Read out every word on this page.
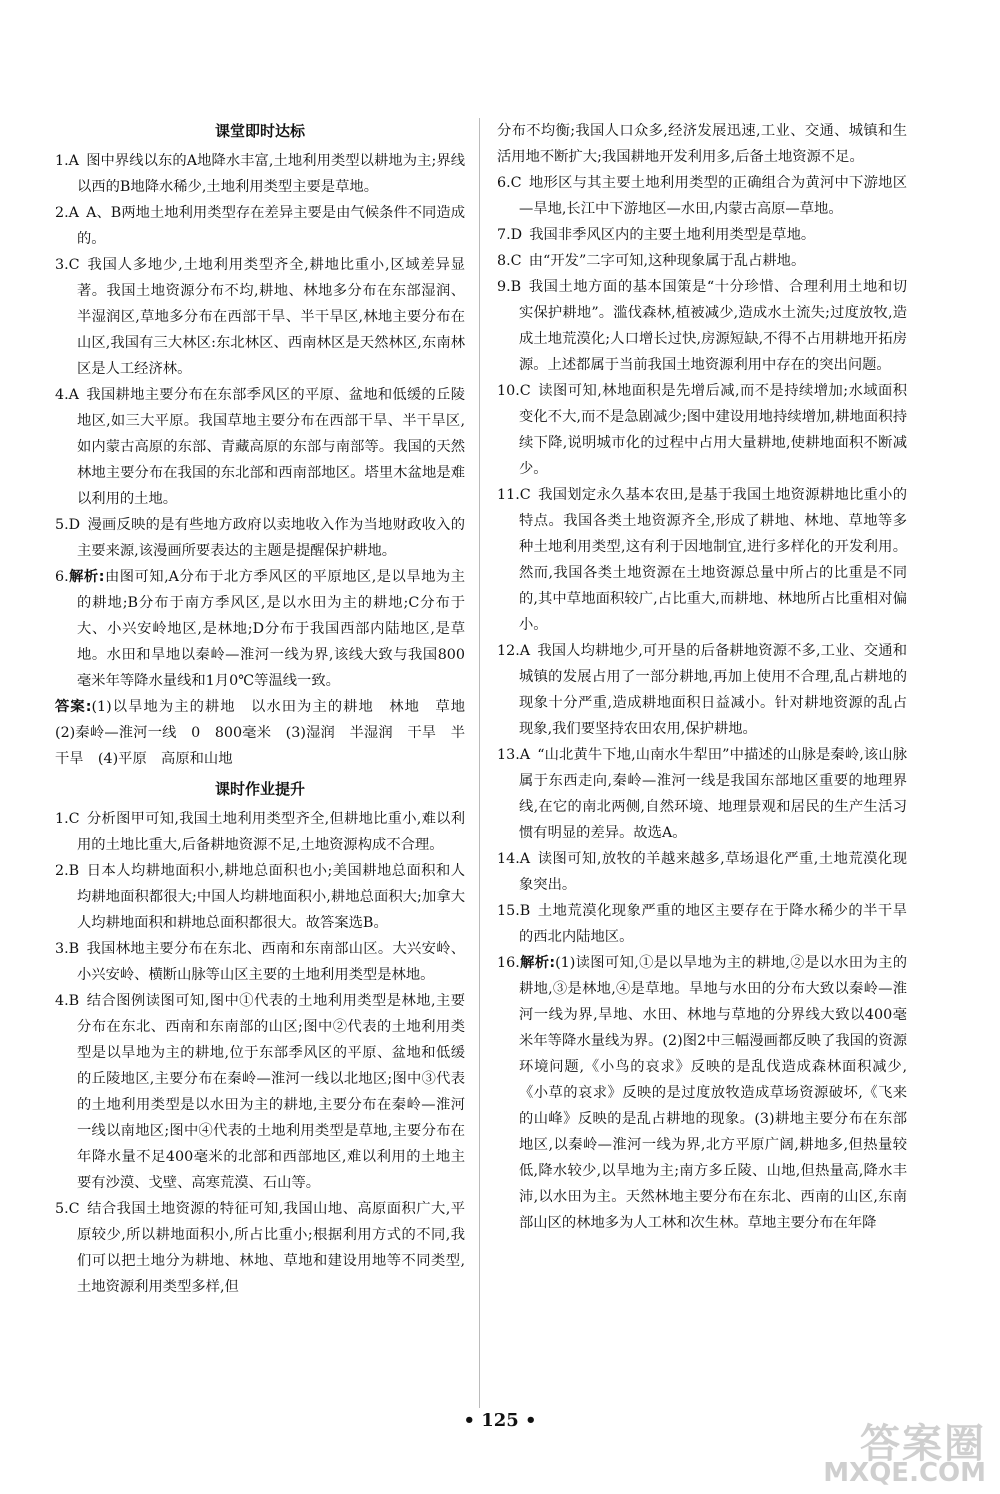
课堂即时达标
1.A  图中界线以东的A地降水丰富,土地利用类型以耕地为主;界线以西的B地降水稀少,土地利用类型主要是草地。
2.A  A、B两地土地利用类型存在差异主要是由气候条件不同造成的。
3.C  我国人多地少,土地利用类型齐全,耕地比重小,区域差异显著。我国土地资源分布不均,耕地、林地多分布在东部湿润、半湿润区,草地多分布在西部干旱、半干旱区,林地主要分布在山区,我国有三大林区:东北林区、西南林区是天然林区,东南林区是人工经济林。
4.A  我国耕地主要分布在东部季风区的平原、盆地和低缓的丘陵地区,如三大平原。我国草地主要分布在西部干旱、半干旱区,如内蒙古高原的东部、青藏高原的东部与南部等。我国的天然林地主要分布在我国的东北部和西南部地区。塔里木盆地是难以利用的土地。
5.D  漫画反映的是有些地方政府以卖地收入作为当地财政收入的主要来源,该漫画所要表达的主题是提醒保护耕地。
6.解析:由图可知,A分布于北方季风区的平原地区,是以旱地为主的耕地;B分布于南方季风区,是以水田为主的耕地;C分布于大、小兴安岭地区,是林地;D分布于我国西部内陆地区,是草地。水田和旱地以秦岭—淮河一线为界,该线大致与我国800毫米年等降水量线和1月0℃等温线一致。
答案:(1)以旱地为主的耕地　以水田为主的耕地　林地　草地　(2)秦岭—淮河一线　0　800毫米　(3)湿润　半湿润　干旱　半干旱　(4)平原　高原和山地
课时作业提升
1.C  分析图甲可知,我国土地利用类型齐全,但耕地比重小,难以利用的土地比重大,后备耕地资源不足,土地资源构成不合理。
2.B  日本人均耕地面积小,耕地总面积也小;美国耕地总面积和人均耕地面积都很大;中国人均耕地面积小,耕地总面积大;加拿大人均耕地面积和耕地总面积都很大。故答案选B。
3.B  我国林地主要分布在东北、西南和东南部山区。大兴安岭、小兴安岭、横断山脉等山区主要的土地利用类型是林地。
4.B  结合图例读图可知,图中①代表的土地利用类型是林地,主要分布在东北、西南和东南部的山区;图中②代表的土地利用类型是以旱地为主的耕地,位于东部季风区的平原、盆地和低缓的丘陵地区,主要分布在秦岭—淮河一线以北地区;图中③代表的土地利用类型是以水田为主的耕地,主要分布在秦岭—淮河一线以南地区;图中④代表的土地利用类型是草地,主要分布在年降水量不足400毫米的北部和西部地区,难以利用的土地主要有沙漠、戈壁、高寒荒漠、石山等。
5.C  结合我国土地资源的特征可知,我国山地、高原面积广大,平原较少,所以耕地面积小,所占比重小;根据利用方式的不同,我们可以把土地分为耕地、林地、草地和建设用地等不同类型,土地资源利用类型多样,但
分布不均衡;我国人口众多,经济发展迅速,工业、交通、城镇和生活用地不断扩大;我国耕地开发利用多,后备土地资源不足。
6.C  地形区与其主要土地利用类型的正确组合为黄河中下游地区—旱地,长江中下游地区—水田,内蒙古高原—草地。
7.D  我国非季风区内的主要土地利用类型是草地。
8.C  由“开发”二字可知,这种现象属于乱占耕地。
9.B  我国土地方面的基本国策是“十分珍惜、合理利用土地和切实保护耕地”。滥伐森林,植被减少,造成水土流失;过度放牧,造成土地荒漠化;人口增长过快,房源短缺,不得不占用耕地开拓房源。上述都属于当前我国土地资源利用中存在的突出问题。
10.C  读图可知,林地面积是先增后减,而不是持续增加;水域面积变化不大,而不是急剧减少;图中建设用地持续增加,耕地面积持续下降,说明城市化的过程中占用大量耕地,使耕地面积不断减少。
11.C  我国划定永久基本农田,是基于我国土地资源耕地比重小的特点。我国各类土地资源齐全,形成了耕地、林地、草地等多种土地利用类型,这有利于因地制宜,进行多样化的开发利用。然而,我国各类土地资源在土地资源总量中所占的比重是不同的,其中草地面积较广,占比重大,而耕地、林地所占比重相对偏小。
12.A  我国人均耕地少,可开垦的后备耕地资源不多,工业、交通和城镇的发展占用了一部分耕地,再加上使用不合理,乱占耕地的现象十分严重,造成耕地面积日益减小。针对耕地资源的乱占现象,我们要坚持农田农用,保护耕地。
13.A  “山北黄牛下地,山南水牛犁田”中描述的山脉是秦岭,该山脉属于东西走向,秦岭—淮河一线是我国东部地区重要的地理界线,在它的南北两侧,自然环境、地理景观和居民的生产生活习惯有明显的差异。故选A。
14.A  读图可知,放牧的羊越来越多,草场退化严重,土地荒漠化现象突出。
15.B  土地荒漠化现象严重的地区主要存在于降水稀少的半干旱的西北内陆地区。
16.解析:(1)读图可知,①是以旱地为主的耕地,②是以水田为主的耕地,③是林地,④是草地。旱地与水田的分布大致以秦岭—淮河一线为界,旱地、水田、林地与草地的分界线大致以400毫米年等降水量线为界。(2)图2中三幅漫画都反映了我国的资源环境问题,《小鸟的哀求》反映的是乱伐造成森林面积减少,《小草的哀求》反映的是过度放牧造成草场资源破坏,《飞来的山峰》反映的是乱占耕地的现象。(3)耕地主要分布在东部地区,以秦岭—淮河一线为界,北方平原广阔,耕地多,但热量较低,降水较少,以旱地为主;南方多丘陵、山地,但热量高,降水丰沛,以水田为主。天然林地主要分布在东北、西南的山区,东南部山区的林地多为人工林和次生林。草地主要分布在年降
• 125 •
答案圈
MXQE.COM
